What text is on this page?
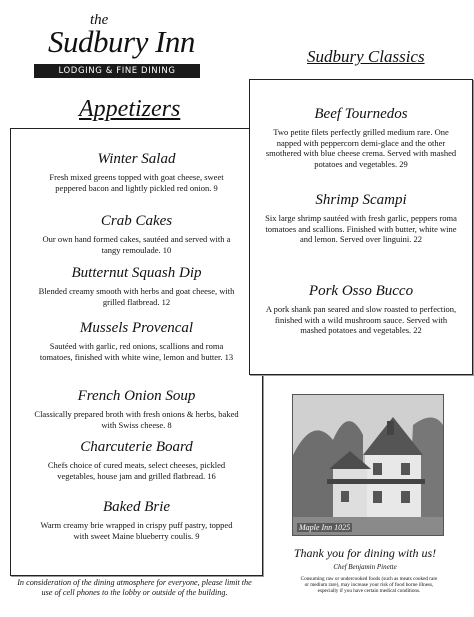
the
Sudbury Inn
LODGING & FINE DINING
Appetizers
Sudbury Classics
Winter Salad
Fresh mixed greens topped with goat cheese, sweet peppered bacon and lightly pickled red onion. 9
Crab Cakes
Our own hand formed cakes, sautéed and served with a tangy remoulade. 10
Butternut Squash Dip
Blended creamy smooth with herbs and goat cheese, with grilled flatbread. 12
Mussels Provencal
Sautéed with garlic, red onions, scallions and roma tomatoes, finished with white wine, lemon and butter. 13
French Onion Soup
Classically prepared broth with fresh onions & herbs, baked with Swiss cheese. 8
Charcuterie Board
Chefs choice of cured meats, select cheeses, pickled vegetables, house jam and grilled flatbread. 16
Baked Brie
Warm creamy brie wrapped in crispy puff pastry, topped with sweet Maine blueberry coulis. 9
Beef Tournedos
Two petite filets perfectly grilled medium rare. One napped with peppercorn demi-glace and the other smothered with blue cheese crema. Served with mashed potatoes and vegetables. 29
Shrimp Scampi
Six large shrimp sautéed with fresh garlic, peppers roma tomatoes and scallions. Finished with butter, white wine and lemon. Served over linguini. 22
Pork Osso Bucco
A pork shank pan seared and slow roasted to perfection, finished with a wild mushroom sauce. Served with mashed potatoes and vegetables. 22
Maple Inn 1025
Thank you for dining with us!
Chef Benjamin Pinette
Consuming raw or undercooked foods (such as meats cooked rare or medium rare), may increase your risk of food borne illness, especially if you have certain medical conditions.
In consideration of the dining atmosphere for everyone, please limit the use of cell phones to the lobby or outside of the building.
